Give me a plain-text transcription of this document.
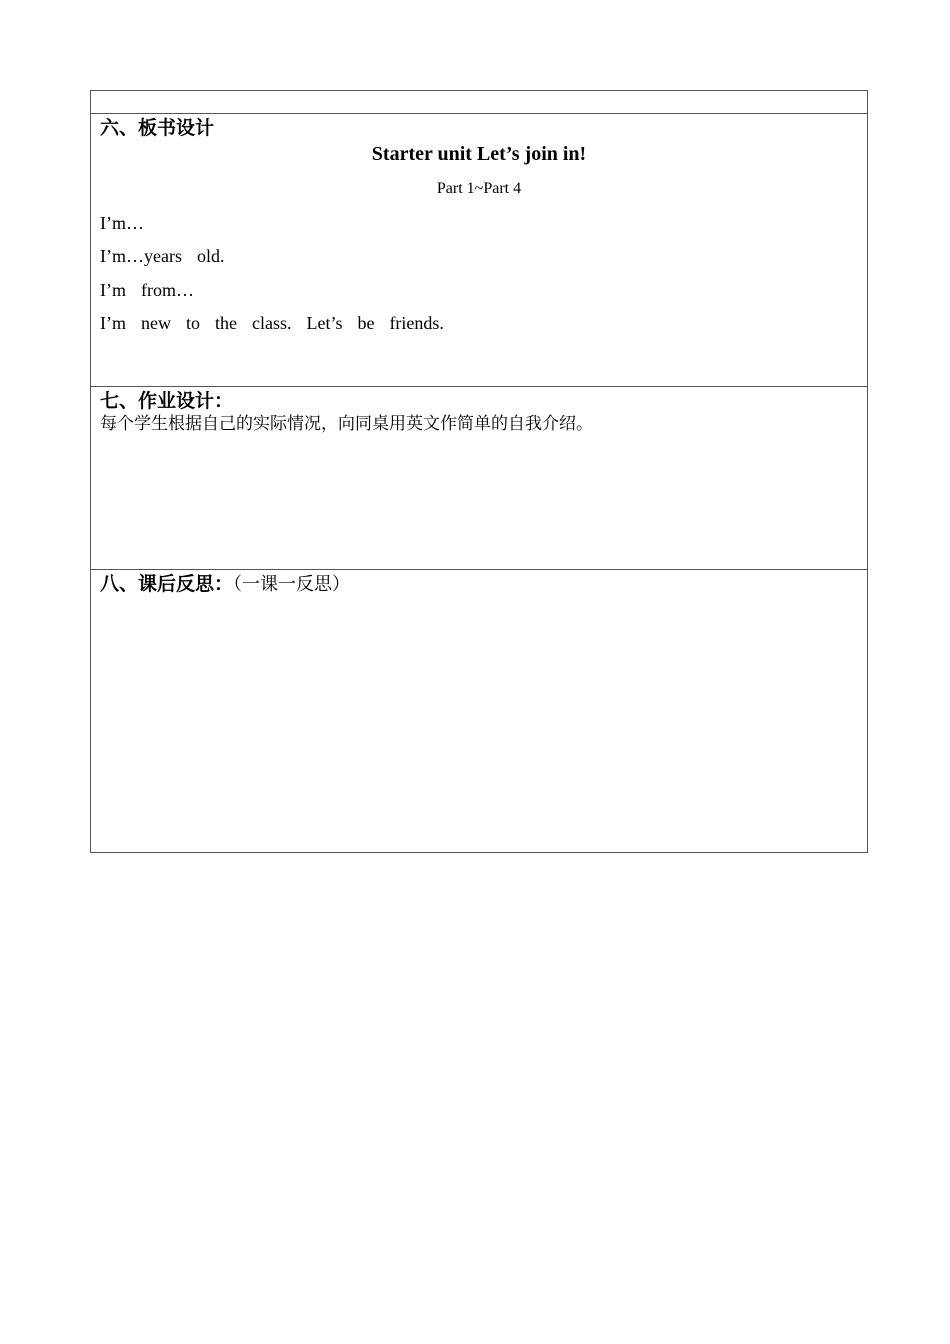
六、板书设计
Starter unit Let’s join in!
Part 1~Part 4
I’m…
I’m…years  old.
I’m  from…
I’m  new  to  the  class.  Let’s  be  friends.
七、作业设计：
每个学生根据自己的实际情况，向同桌用英文作简单的自我介绍。
八、课后反思：（一课一反思）
